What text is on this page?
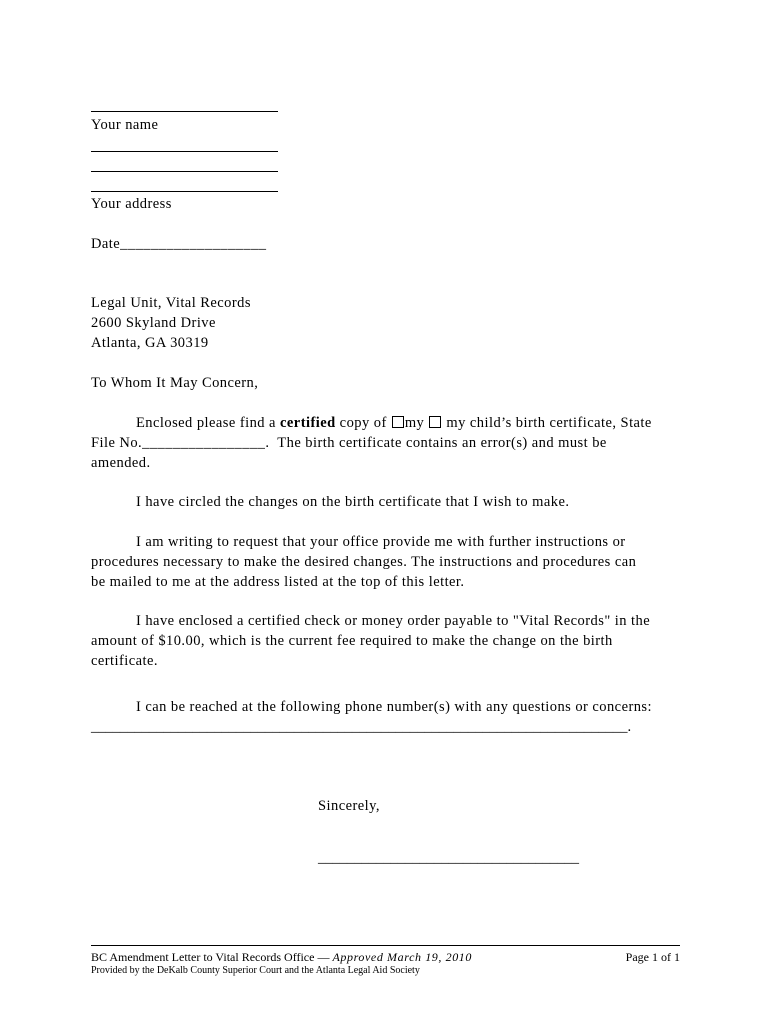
Your name
Your address
Date___________________
Legal Unit, Vital Records
2600 Skyland Drive
Atlanta, GA 30319
To Whom It May Concern,
Enclosed please find a certified copy of my  my child’s birth certificate, State
File No.________________.  The birth certificate contains an error(s) and must be
amended.
I have circled the changes on the birth certificate that I wish to make.
I am writing to request that your office provide me with further instructions or
procedures necessary to make the desired changes. The instructions and procedures can
be mailed to me at the address listed at the top of this letter.
I have enclosed a certified check or money order payable to "Vital Records" in the
amount of $10.00, which is the current fee required to make the change on the birth
certificate.
I can be reached at the following phone number(s) with any questions or concerns:
__________________________________________________________________________.
Sincerely,
____________________________________
BC Amendment Letter to Vital Records Office — Approved March 19, 2010	Page 1 of 1
Provided by the DeKalb County Superior Court and the Atlanta Legal Aid Society
